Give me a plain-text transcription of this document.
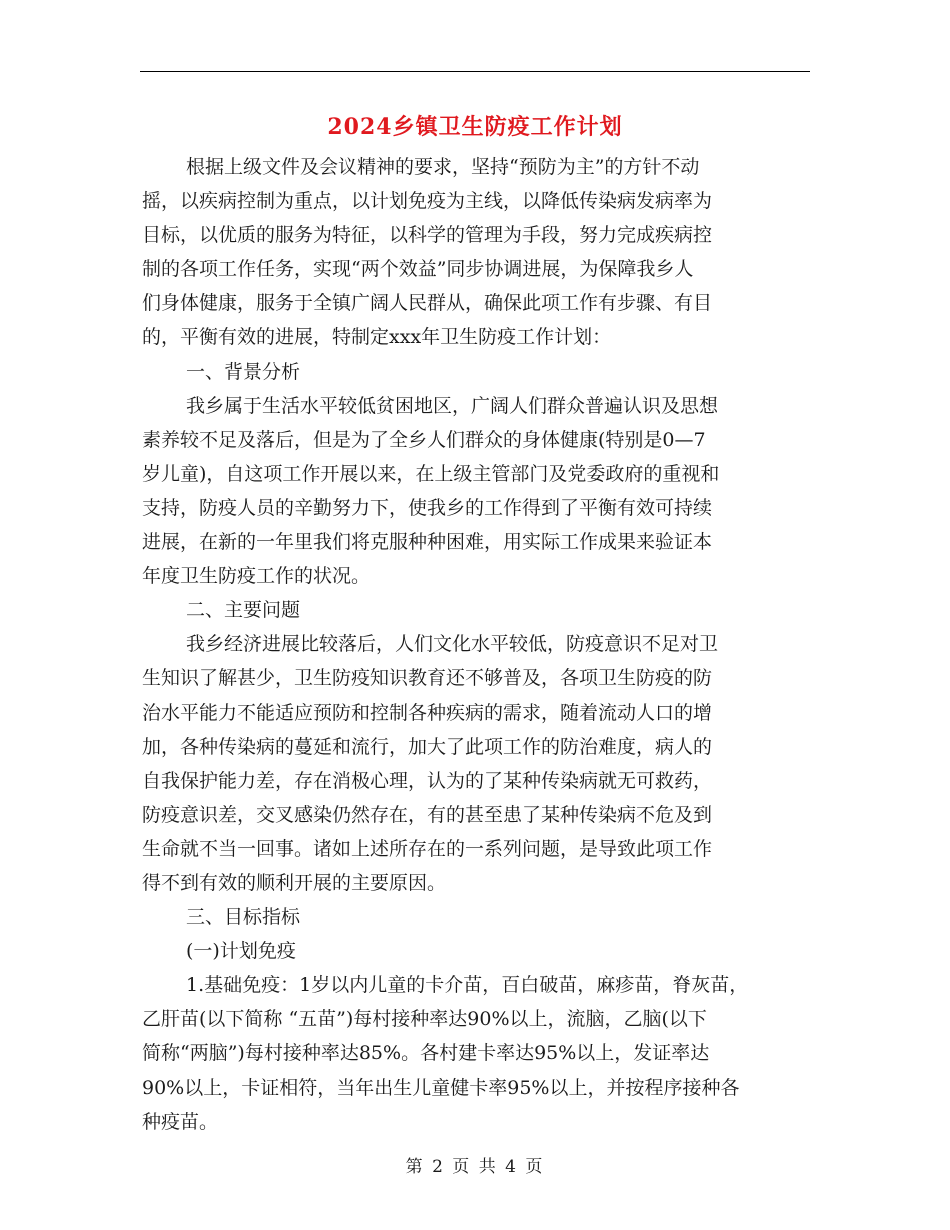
2024乡镇卫生防疫工作计划
根据上级文件及会议精神的要求，坚持“预防为主”的方针不动
摇，以疾病控制为重点，以计划免疫为主线，以降低传染病发病率为
目标，以优质的服务为特征，以科学的管理为手段，努力完成疾病控
制的各项工作任务，实现“两个效益”同步协调进展，为保障我乡人
们身体健康，服务于全镇广阔人民群从，确保此项工作有步骤、有目
的，平衡有效的进展，特制定xxx年卫生防疫工作计划：
一、背景分析
我乡属于生活水平较低贫困地区，广阔人们群众普遍认识及思想
素养较不足及落后，但是为了全乡人们群众的身体健康(特别是0—7
岁儿童)，自这项工作开展以来，在上级主管部门及党委政府的重视和
支持，防疫人员的辛勤努力下，使我乡的工作得到了平衡有效可持续
进展，在新的一年里我们将克服种种困难，用实际工作成果来验证本
年度卫生防疫工作的状况。
二、主要问题
我乡经济进展比较落后，人们文化水平较低，防疫意识不足对卫
生知识了解甚少，卫生防疫知识教育还不够普及，各项卫生防疫的防
治水平能力不能适应预防和控制各种疾病的需求，随着流动人口的增
加，各种传染病的蔓延和流行，加大了此项工作的防治难度，病人的
自我保护能力差，存在消极心理，认为的了某种传染病就无可救药，
防疫意识差，交叉感染仍然存在，有的甚至患了某种传染病不危及到
生命就不当一回事。诸如上述所存在的一系列问题，是导致此项工作
得不到有效的顺利开展的主要原因。
三、目标指标
(一)计划免疫
1.基础免疫：1岁以内儿童的卡介苗，百白破苗，麻疹苗，脊灰苗，
乙肝苗(以下简称 “五苗”)每村接种率达90%以上，流脑，乙脑(以下
简称“两脑”)每村接种率达85%。各村建卡率达95%以上，发证率达
90%以上，卡证相符，当年出生儿童健卡率95%以上，并按程序接种各
种疫苗。
第 2 页 共 4 页
